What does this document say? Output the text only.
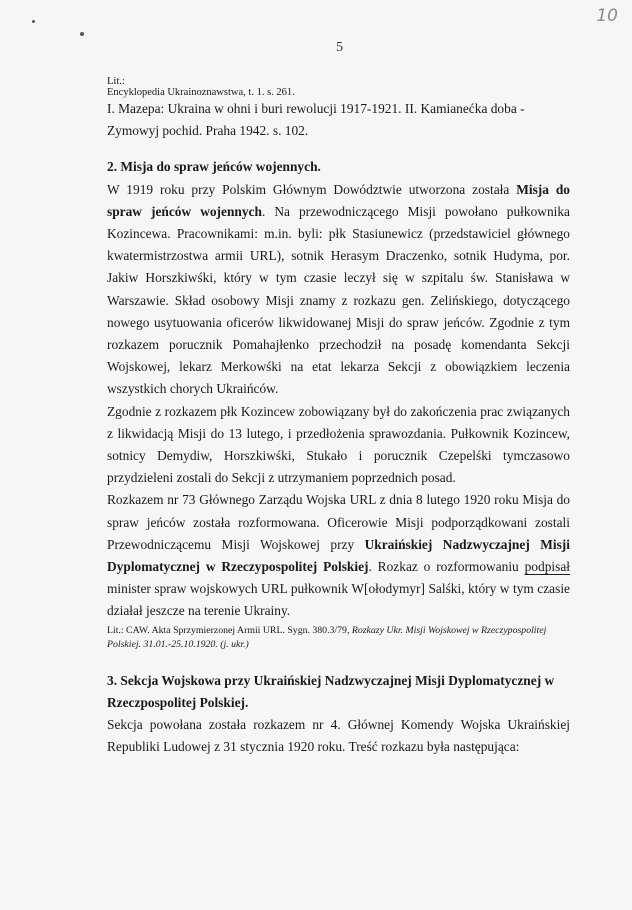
10
5
Lit.:
Encyklopedia Ukrainoznawstwa, t. 1. s. 261.

I. Mazepa: Ukraina w ohni i buri rewolucji 1917-1921. II. Kamianećka doba - Zymowyj pochid. Praha 1942. s. 102.

2. Misja do spraw jeńców wojennych.

W 1919 roku przy Polskim Głównym Dowództwie utworzona została Misja do spraw jeńców wojennych. Na przewodniczącego Misji powołano pułkownika Kozincewa. Pracownikami: m.in. byli: płk Stasiunewicz (przedstawiciel głównego kwatermistrzostwa armii URL), sotnik Herasym Draczenko, sotnik Hudyma, por. Jakiw Horszkiwśki, który w tym czasie leczył się w szpitalu św. Stanisława w Warszawie. Skład osobowy Misji znamy z rozkazu gen. Zelińskiego, dotyczącego nowego usytuowania oficerów likwidowanej Misji do spraw jeńców. Zgodnie z tym rozkazem porucznik Pomahajłenko przechodził na posadę komendanta Sekcji Wojskowej, lekarz Merkowśki na etat lekarza Sekcji z obowiązkiem leczenia wszystkich chorych Ukraińców.

Zgodnie z rozkazem płk Kozincew zobowiązany był do zakończenia prac związanych z likwidacją Misji do 13 lutego, i przedłożenia sprawozdania. Pułkownik Kozincew, sotnicy Demydiw, Horszkiwśki, Stukało i porucznik Czepelśki tymczasowo przydzieleni zostali do Sekcji z utrzymaniem poprzednich posad.

Rozkazem nr 73 Głównego Zarządu Wojska URL z dnia 8 lutego 1920 roku Misja do spraw jeńców została rozformowana. Oficerowie Misji podporządkowani zostali Przewodniczącemu Misji Wojskowej przy Ukraińskiej Nadzwyczajnej Misji Dyplomatycznej w Rzeczypospolitej Polskiej. Rozkaz o rozformowaniu podpisał minister spraw wojskowych URL pułkownik W[ołodymyr] Salśki, który w tym czasie działał jeszcze na terenie Ukrainy.

Lit.: CAW. Akta Sprzymierzonej Armii URL. Sygn. 380.3/79, Rozkazy Ukr. Misji Wojskowej w Rzeczypospolitej Polskiej. 31.01.-25.10.1920. (j. ukr.)

3. Sekcja Wojskowa przy Ukraińskiej Nadzwyczajnej Misji Dyplomatycznej w Rzeczpospolitej Polskiej.

Sekcja powołana została rozkazem nr 4. Głównej Komendy Wojska Ukraińskiej Republiki Ludowej z 31 stycznia 1920 roku. Treść rozkazu była następująca:
